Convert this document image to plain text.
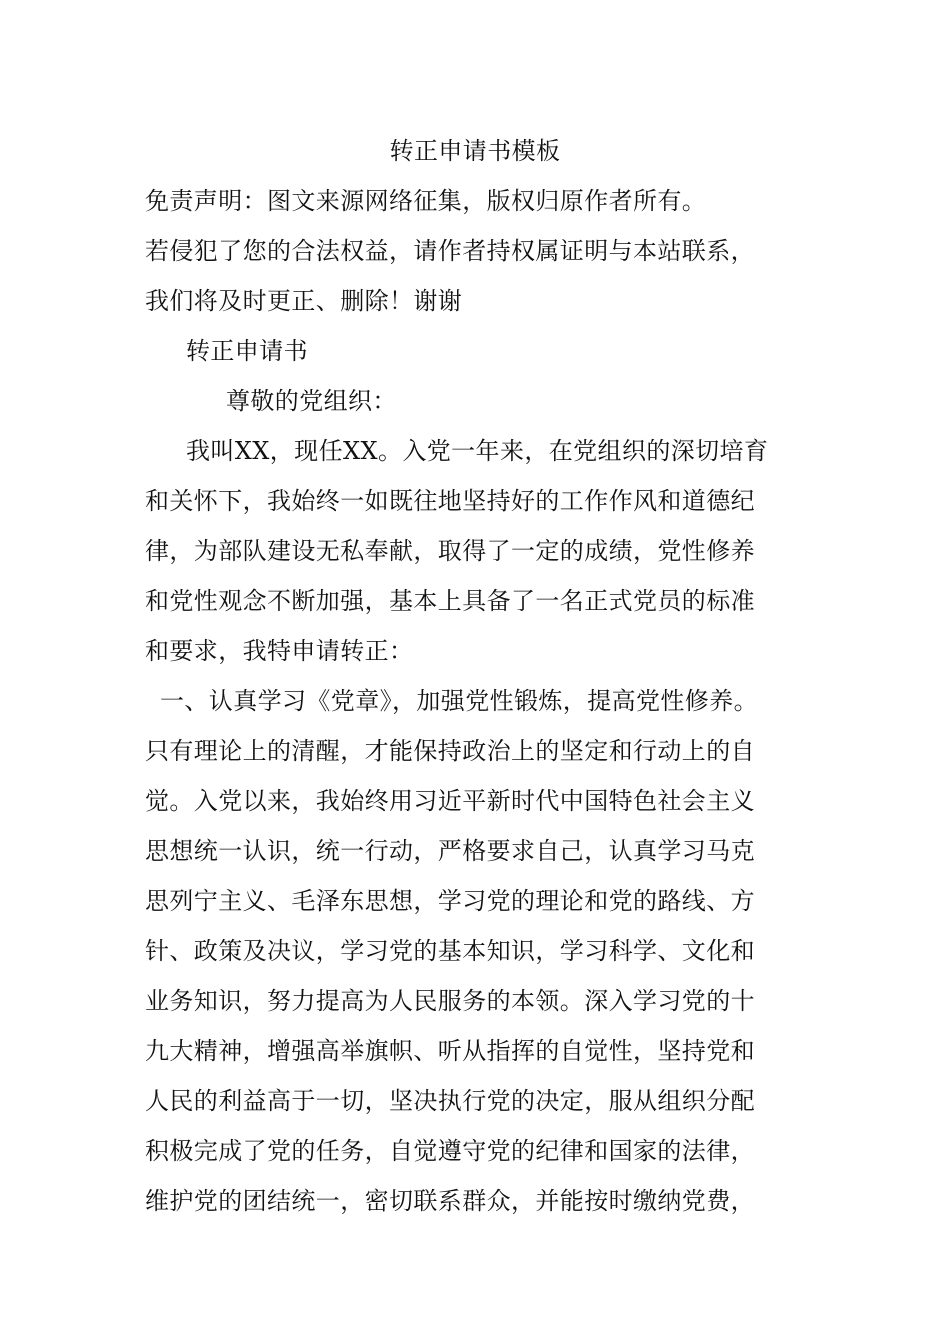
转正申请书模板
免责声明：图文来源网络征集，版权归原作者所有。
若侵犯了您的合法权益，请作者持权属证明与本站联系，
我们将及时更正、删除！谢谢
转正申请书
尊敬的党组织：
我叫XX，现任XX。入党一年来，在党组织的深切培育
和关怀下，我始终一如既往地坚持好的工作作风和道德纪
律，为部队建设无私奉献，取得了一定的成绩，党性修养
和党性观念不断加强，基本上具备了一名正式党员的标准
和要求，我特申请转正：
一、认真学习《党章》，加强党性锻炼，提高党性修养。
只有理论上的清醒，才能保持政治上的坚定和行动上的自
觉。入党以来，我始终用习近平新时代中国特色社会主义
思想统一认识，统一行动，严格要求自己，认真学习马克
思列宁主义、毛泽东思想，学习党的理论和党的路线、方
针、政策及决议，学习党的基本知识，学习科学、文化和
业务知识，努力提高为人民服务的本领。深入学习党的十
九大精神，增强高举旗帜、听从指挥的自觉性，坚持党和
人民的利益高于一切，坚决执行党的决定，服从组织分配
积极完成了党的任务，自觉遵守党的纪律和国家的法律，
维护党的团结统一，密切联系群众，并能按时缴纳党费，
